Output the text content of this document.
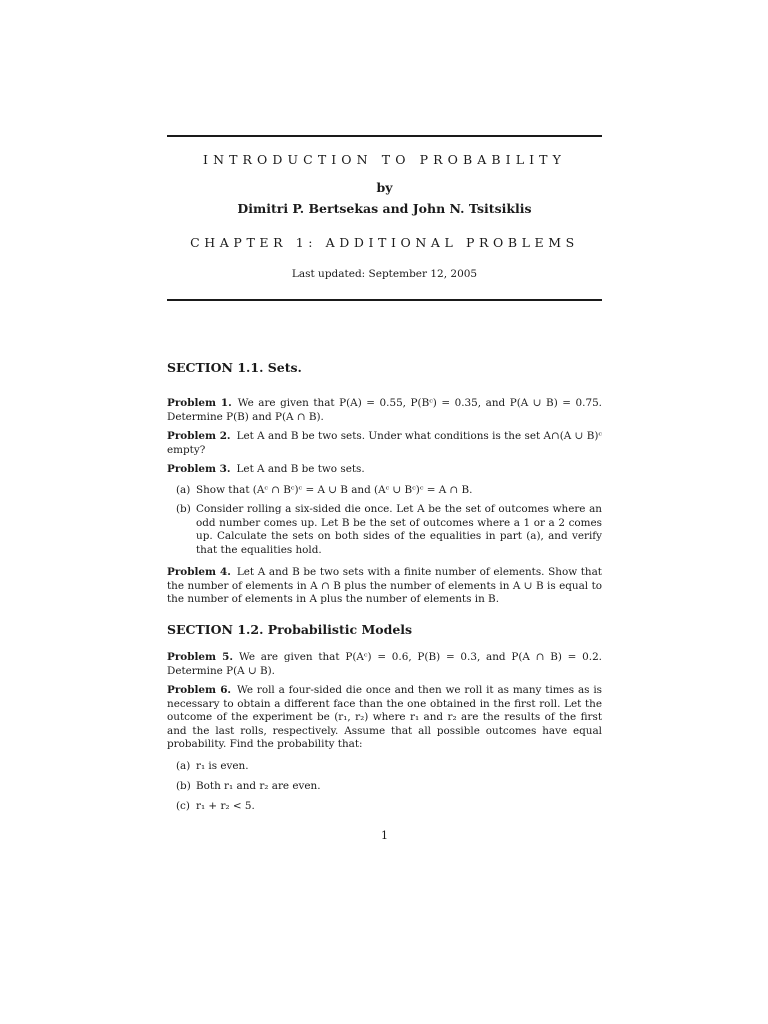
INTRODUCTION TO PROBABILITY
by
Dimitri P. Bertsekas and John N. Tsitsiklis
CHAPTER 1: ADDITIONAL PROBLEMS
Last updated: September 12, 2005
SECTION 1.1. Sets.
Problem 1. We are given that P(A) = 0.55, P(Bᶜ) = 0.35, and P(A ∪ B) = 0.75. Determine P(B) and P(A ∩ B).
Problem 2. Let A and B be two sets. Under what conditions is the set A∩(A ∪ B)ᶜ empty?
Problem 3. Let A and B be two sets.
(a) Show that (Aᶜ ∩ Bᶜ)ᶜ = A ∪ B and (Aᶜ ∪ Bᶜ)ᶜ = A ∩ B.
(b) Consider rolling a six-sided die once. Let A be the set of outcomes where an odd number comes up. Let B be the set of outcomes where a 1 or a 2 comes up. Calculate the sets on both sides of the equalities in part (a), and verify that the equalities hold.
Problem 4. Let A and B be two sets with a finite number of elements. Show that the number of elements in A ∩ B plus the number of elements in A ∪ B is equal to the number of elements in A plus the number of elements in B.
SECTION 1.2. Probabilistic Models
Problem 5. We are given that P(Aᶜ) = 0.6, P(B) = 0.3, and P(A ∩ B) = 0.2. Determine P(A ∪ B).
Problem 6. We roll a four-sided die once and then we roll it as many times as is necessary to obtain a different face than the one obtained in the first roll. Let the outcome of the experiment be (r₁, r₂) where r₁ and r₂ are the results of the first and the last rolls, respectively. Assume that all possible outcomes have equal probability. Find the probability that:
(a) r₁ is even.
(b) Both r₁ and r₂ are even.
(c) r₁ + r₂ < 5.
1
